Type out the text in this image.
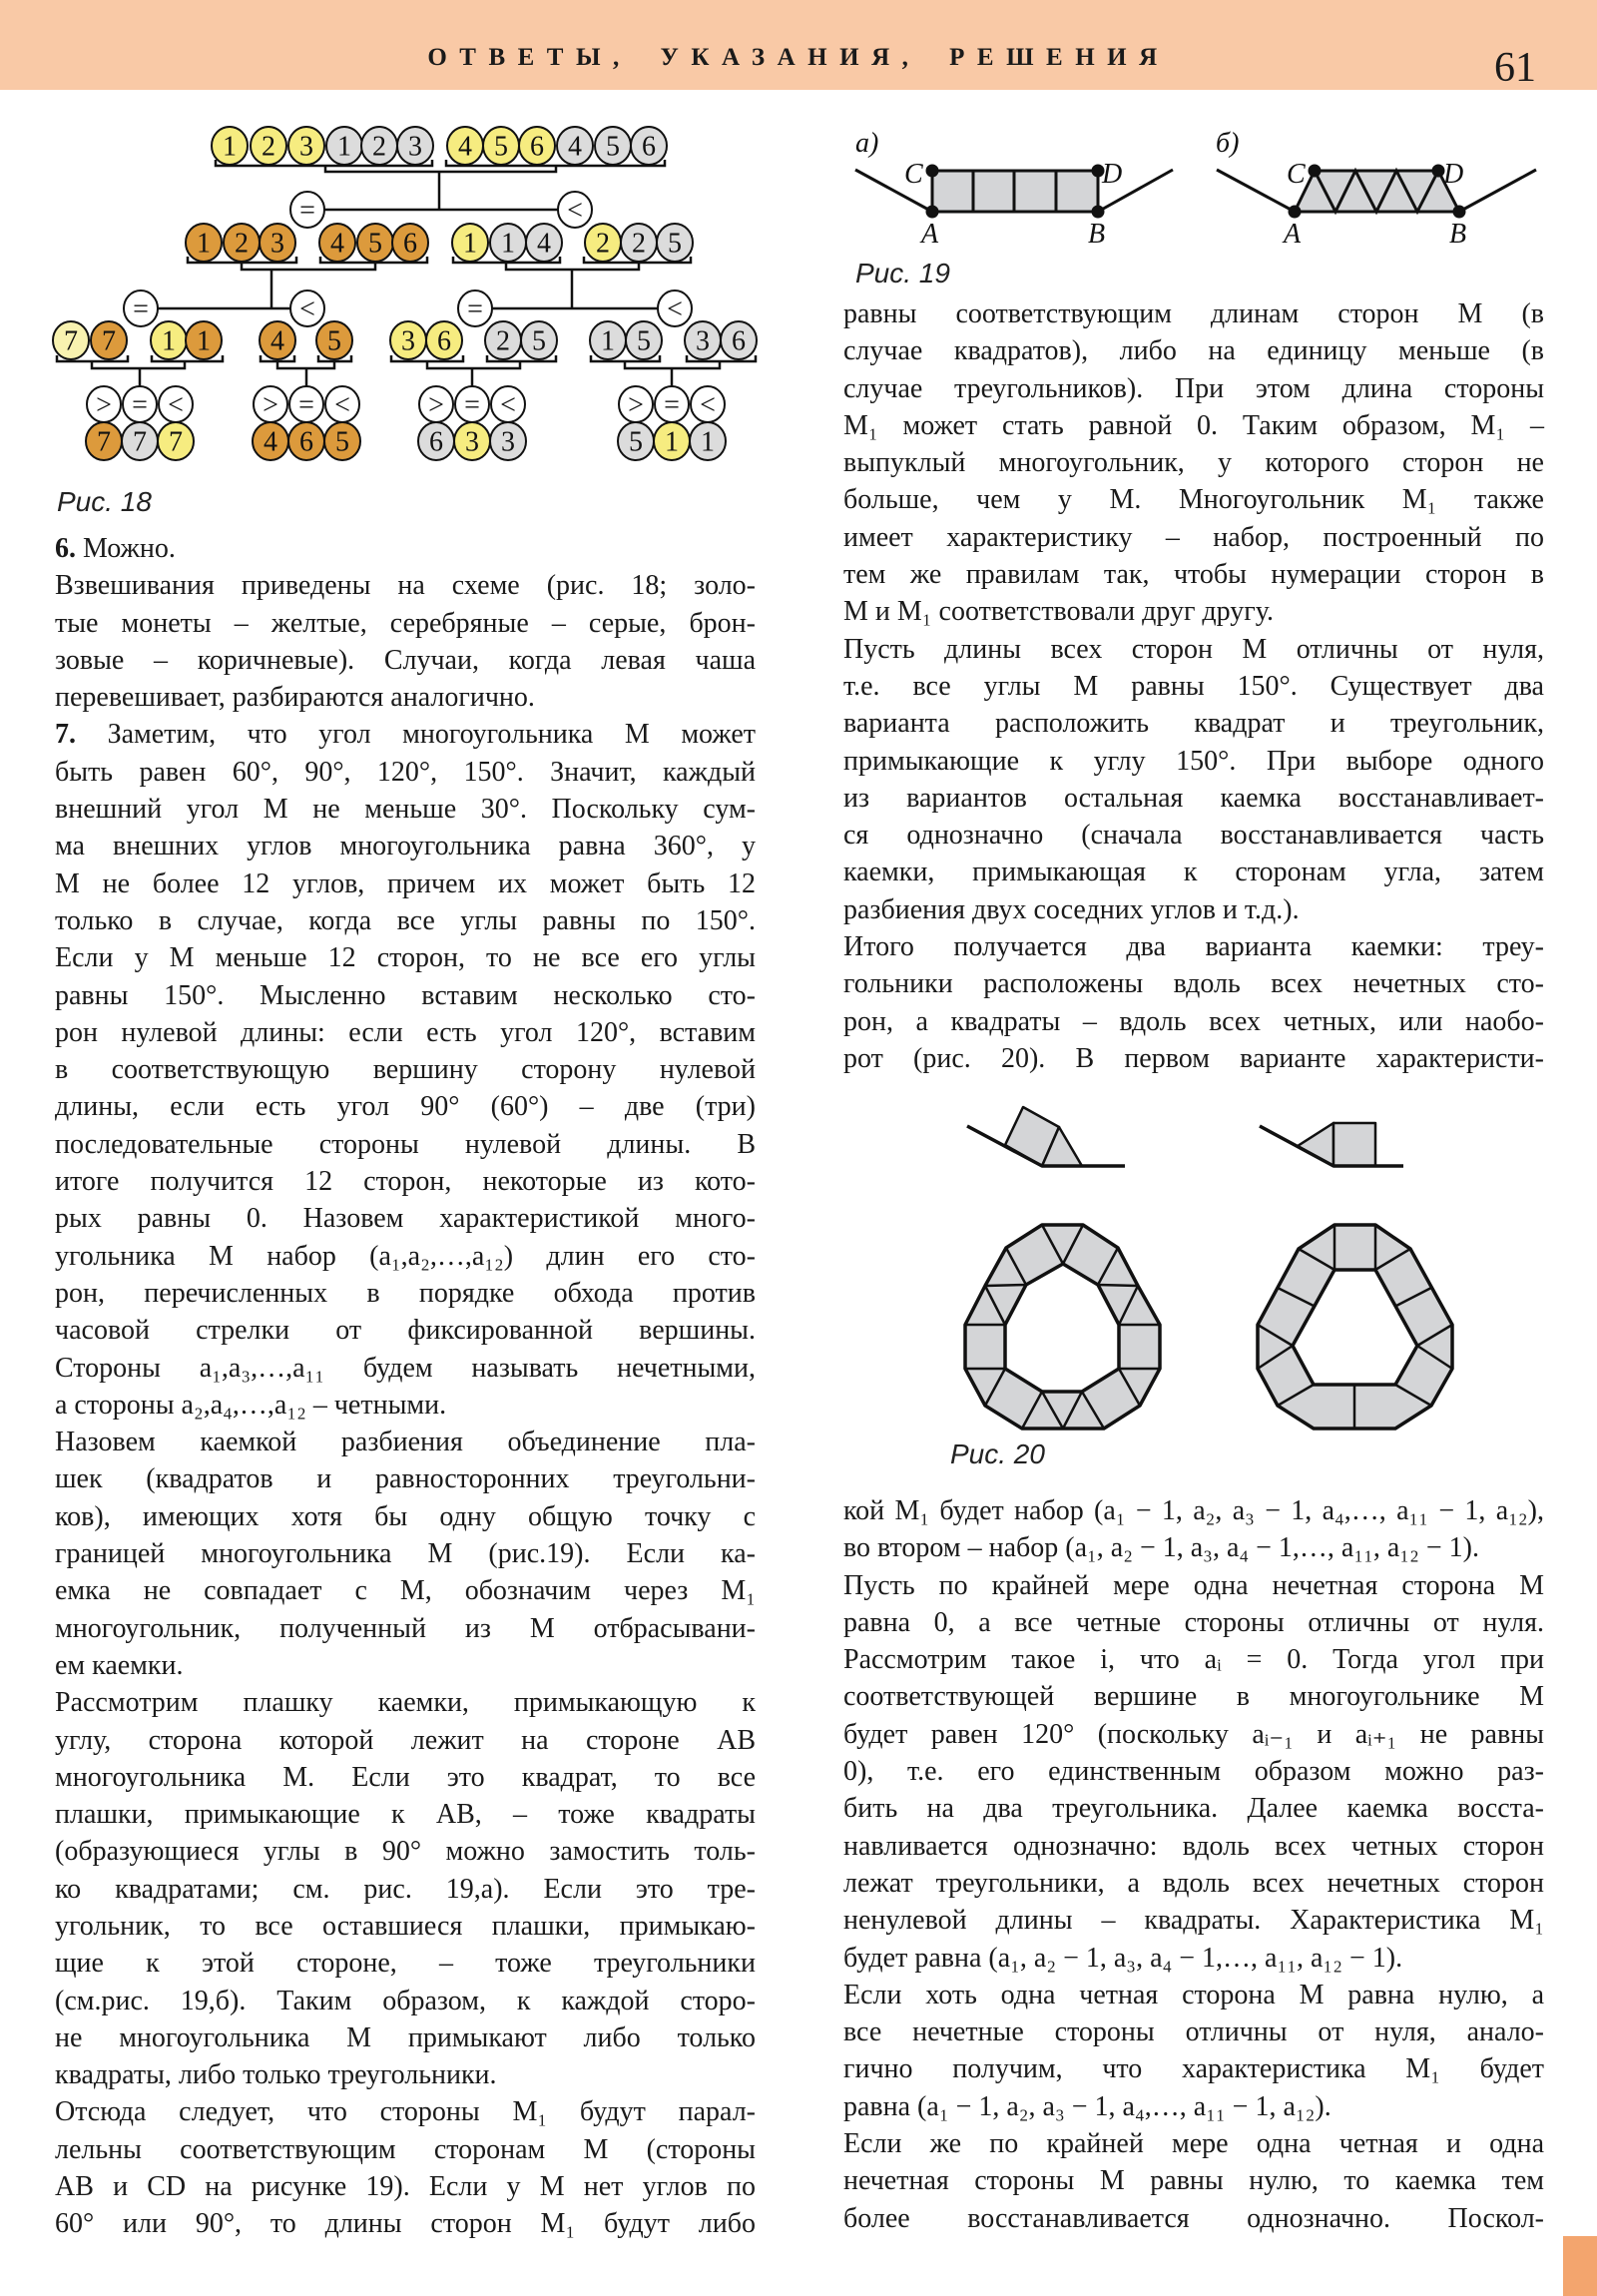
ОТВЕТЫ, УКАЗАНИЯ, РЕШЕНИЯ	61
6. Можно.
Взвешивания приведены на схеме (рис. 18; золо-
тые монеты – желтые, серебряные – серые, брон-
зовые – коричневые). Случаи, когда левая чаша
перевешивает, разбираются аналогично.
7. Заметим, что угол многоугольника M может
быть равен 60°, 90°, 120°, 150°. Значит, каждый
внешний угол M не меньше 30°. Поскольку сум-
ма внешних углов многоугольника равна 360°, у
M не более 12 углов, причем их может быть 12
только в случае, когда все углы равны по 150°.
Если у M меньше 12 сторон, то не все его углы
равны 150°. Мысленно вставим несколько сто-
рон нулевой длины: если есть угол 120°, вставим
в соответствующую вершину сторону нулевой
длины, если есть угол 90° (60°) – две (три)
последовательные стороны нулевой длины. В
итоге получится 12 сторон, некоторые из кото-
рых равны 0. Назовем характеристикой много-
угольника M набор (a₁,a₂,…,a₁₂) длин его сто-
рон, перечисленных в порядке обхода против
часовой стрелки от фиксированной вершины.
Стороны a₁,a₃,…,a₁₁ будем называть нечетными,
а стороны a₂,a₄,…,a₁₂ – четными.
Назовем каемкой разбиения объединение пла-
шек (квадратов и равносторонних треугольни-
ков), имеющих хотя бы одну общую точку с
границей многоугольника M (рис.19). Если ка-
емка не совпадает с M, обозначим через M₁
многоугольник, полученный из M отбрасывани-
ем каемки.
Рассмотрим плашку каемки, примыкающую к
углу, сторона которой лежит на стороне AB
многоугольника M. Если это квадрат, то все
плашки, примыкающие к AB, – тоже квадраты
(образующиеся углы в 90° можно замостить толь-
ко квадратами; см. рис. 19,а). Если это тре-
угольник, то все оставшиеся плашки, примыкаю-
щие к этой стороне, – тоже треугольники
(см.рис. 19,б). Таким образом, к каждой сторо-
не многоугольника M примыкают либо только
квадраты, либо только треугольники.
Отсюда следует, что стороны M₁ будут парал-
лельны соответствующим сторонам M (стороны
AB и CD на рисунке 19). Если у M нет углов по
60° или 90°, то длины сторон M₁ будут либо
равны соответствующим длинам сторон M (в
случае квадратов), либо на единицу меньше (в
случае треугольников). При этом длина стороны
M₁ может стать равной 0. Таким образом, M₁ –
выпуклый многоугольник, у которого сторон не
больше, чем у M. Многоугольник M₁ также
имеет характеристику – набор, построенный по
тем же правилам так, чтобы нумерации сторон в
M и M₁ соответствовали друг другу.
Пусть длины всех сторон M отличны от нуля,
т.е. все углы M равны 150°. Существует два
варианта расположить квадрат и треугольник,
примыкающие к углу 150°. При выборе одного
из вариантов остальная каемка восстанавливает-
ся однозначно (сначала восстанавливается часть
каемки, примыкающая к сторонам угла, затем
разбиения двух соседних углов и т.д.).
Итого получается два варианта каемки: треу-
гольники расположены вдоль всех нечетных сто-
рон, а квадраты – вдоль всех четных, или наобо-
рот (рис. 20). В первом варианте характеристи-
кой M₁ будет набор (a₁ − 1, a₂, a₃ − 1, a₄,…, a₁₁ − 1, a₁₂),
во втором – набор (a₁, a₂ − 1, a₃, a₄ − 1,…, a₁₁, a₁₂ − 1).
Пусть по крайней мере одна нечетная сторона M
равна 0, а все четные стороны отличны от нуля.
Рассмотрим такое i, что aᵢ = 0. Тогда угол при
соответствующей вершине в многоугольнике M
будет равен 120° (поскольку aᵢ₋₁ и aᵢ₊₁ не равны
0), т.е. его единственным образом можно раз-
бить на два треугольника. Далее каемка восста-
навливается однозначно: вдоль всех четных сторон
лежат треугольники, а вдоль всех нечетных сторон
ненулевой длины – квадраты. Характеристика M₁
будет равна (a₁, a₂ − 1, a₃, a₄ − 1,…, a₁₁, a₁₂ − 1).
Если хоть одна четная сторона M равна нулю, а
все нечетные стороны отличны от нуля, анало-
гично получим, что характеристика M₁ будет
равна (a₁ − 1, a₂, a₃ − 1, a₄,…, a₁₁ − 1, a₁₂).
Если же по крайней мере одна четная и одна
нечетная стороны M равны нулю, то каемка тем
более восстанавливается однозначно. Поскол-
1 2 3 1 2 3 4 5 6 4 5 6
=	<
1 2 3 4 5 6 1 1 4 2 2 5
=	<	=	<
7 7 1 1 4 5 3 6 2 5 1 5 3 6
>
7
=
7
<
7
>
4
=
6
<
5
>
6
=
3
<
3
>
5
=
1
<
1
Рис. 18
а)
C	D
A	B
б)
C	D
A	B
Рис. 19
Рис. 20
